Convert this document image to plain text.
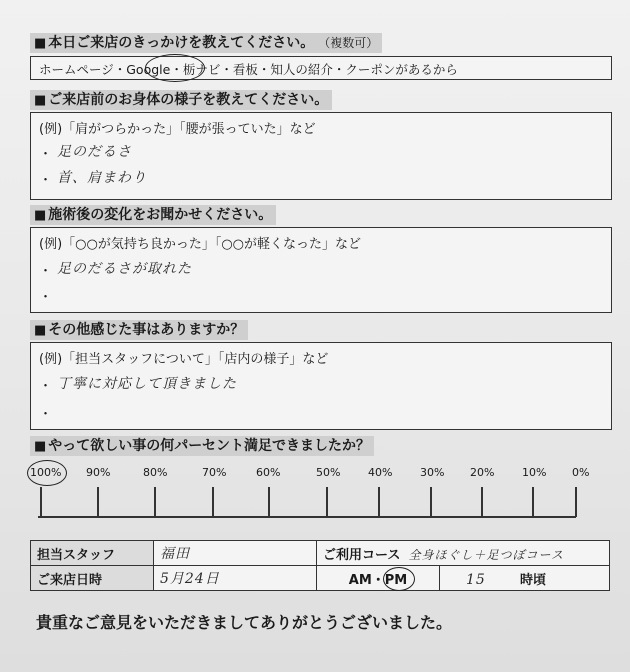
■ 本日ご来店のきっかけを教えてください。 （複数可）
ホームページ・Google・栃ナビ・看板・知人の紹介・クーポンがあるから
■ ご来店前のお身体の様子を教えてください。
(例)「肩がつらかった」「腰が張っていた」など
・ 足のだるさ
・ 首、肩まわり
■ 施術後の変化をお聞かせください。
(例)「○○が気持ち良かった」「○○が軽くなった」など
・ 足のだるさが取れた
・
■ その他感じた事はありますか？
(例)「担当スタッフについて」「店内の様子」など
・ 丁寧に対応して頂きました
・
■ やって欲しい事の何パーセント満足できましたか？
100% 90%	80%	70%	60%	50%	40%	30% 20%	10% 0%
担当スタッフ	福田	ご利用コース 全身ほぐし＋足つぼコース	
ご来店日時	5月24日	AM・PM	15 時頃
貴重なご意見をいただきましてありがとうございました。
